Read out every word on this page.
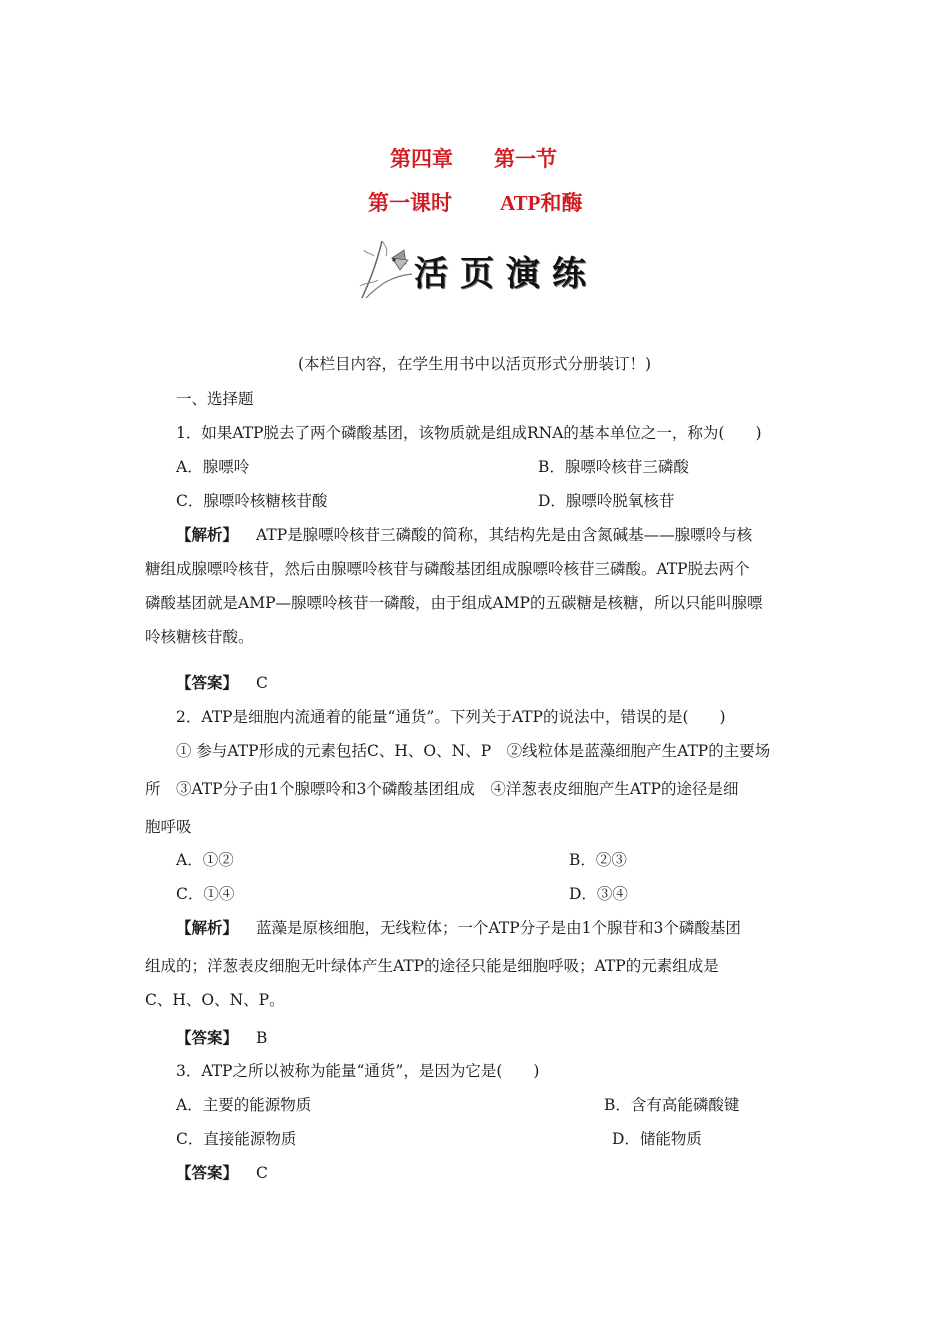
第四章 第一节
第一课时 ATP和酶
活页演练
(本栏目内容，在学生用书中以活页形式分册装订！)
一、选择题
1．如果ATP脱去了两个磷酸基团，该物质就是组成RNA的基本单位之一，称为(　　)
A．腺嘌呤	B．腺嘌呤核苷三磷酸
C．腺嘌呤核糖核苷酸	D．腺嘌呤脱氧核苷
【解析】 ATP是腺嘌呤核苷三磷酸的简称，其结构先是由含氮碱基——腺嘌呤与核
糖组成腺嘌呤核苷，然后由腺嘌呤核苷与磷酸基团组成腺嘌呤核苷三磷酸。ATP脱去两个
磷酸基团就是AMP—腺嘌呤核苷一磷酸，由于组成AMP的五碳糖是核糖，所以只能叫腺嘌
呤核糖核苷酸。
【答案】 C
2．ATP是细胞内流通着的能量“通货”。下列关于ATP的说法中，错误的是(　　)
① 参与ATP形成的元素包括C、H、O、N、P　②线粒体是蓝藻细胞产生ATP的主要场
所　③ATP分子由1个腺嘌呤和3个磷酸基团组成　④洋葱表皮细胞产生ATP的途径是细
胞呼吸
A．①②	B．②③
C．①④	D．③④
【解析】 蓝藻是原核细胞，无线粒体；一个ATP分子是由1个腺苷和3个磷酸基团
组成的；洋葱表皮细胞无叶绿体产生ATP的途径只能是细胞呼吸；ATP的元素组成是
C、H、O、N、P。
【答案】 B
3．ATP之所以被称为能量“通货”，是因为它是(　　)
A．主要的能源物质	B．含有高能磷酸键
C．直接能源物质	D．储能物质
【答案】 C
